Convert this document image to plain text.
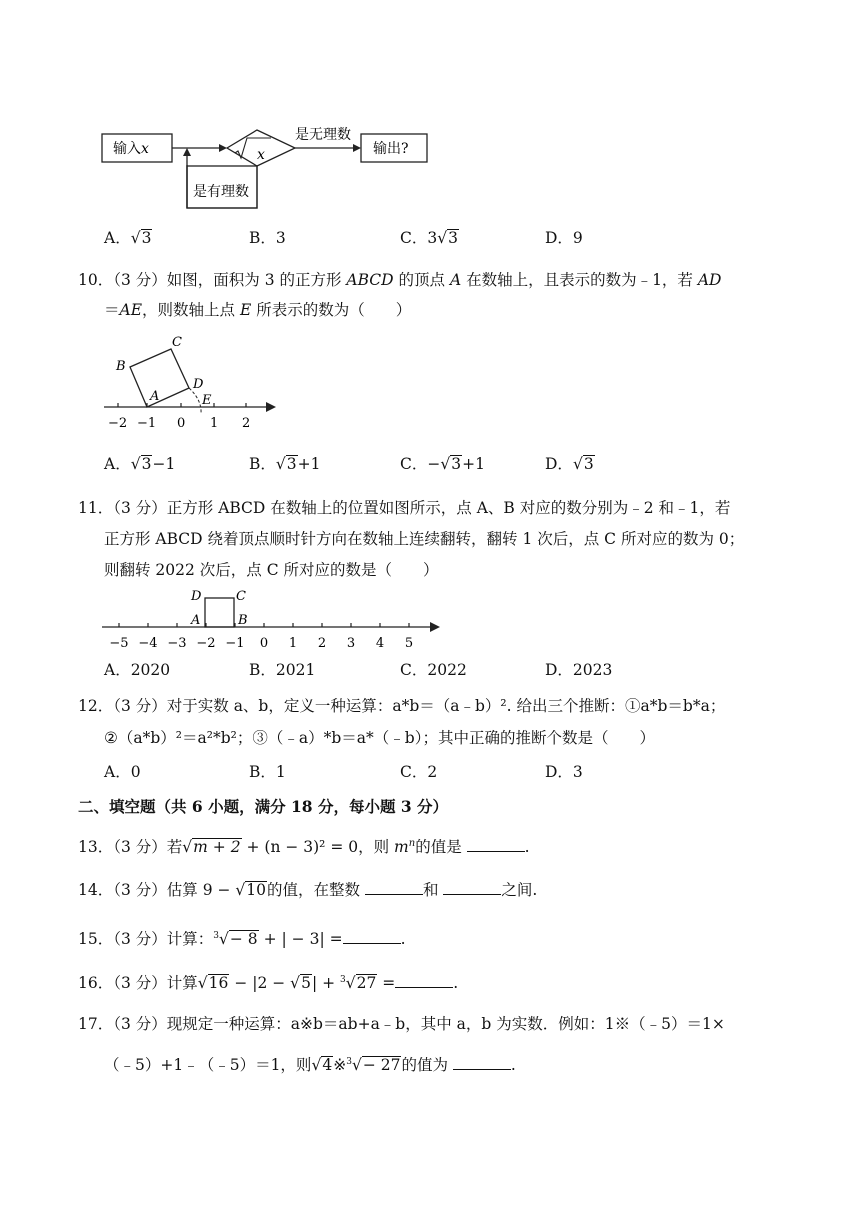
输入x	x
是无理数
输出?
是有理数
A．√3	B．3	C．3√3	D．9
10．（3 分）如图，面积为 3 的正方形 ABCD 的顶点 A 在数轴上，且表示的数为﹣1，若 AD
＝AE，则数轴上点 E 所表示的数为（　　）
B
C
D
A	E
−2 −1 0 1 2
A．√3−1	B．√3+1	C．−√3+1	D．√3
11．（3 分）正方形 ABCD 在数轴上的位置如图所示，点 A、B 对应的数分别为﹣2 和﹣1，若
正方形 ABCD 绕着顶点顺时针方向在数轴上连续翻转，翻转 1 次后，点 C 所对应的数为 0；
则翻转 2022 次后，点 C 所对应的数是（　　）
D	C
A	B
−5 −4 −3 −2 −1 0 1 2 3 4 5
A．2020	B．2021	C．2022	D．2023
12．（3 分）对于实数 a、b，定义一种运算：a*b＝（a﹣b）². 给出三个推断：①a*b＝b*a；
②（a*b）²＝a²*b²；③（﹣a）*b＝a*（﹣b）；其中正确的推断个数是（　　）
A．0	B．1	C．2	D．3
二、填空题（共 6 小题，满分 18 分，每小题 3 分）
13．（3 分）若√m + 2 + (n − 3)² = 0，则 $m^n$的值是	.
14．（3 分）估算 9 − √10的值，在整数	和	之间.
15．（3 分）计算：$^3$√− 8 + | − 3| =	.
16．（3 分）计算√16 − |2 − √5| + $^3$√27 =	.
17．（3 分）现规定一种运算：a※b＝ab+a﹣b，其中 a，b 为实数．例如：1※（﹣5）＝1×
（﹣5）+1﹣（﹣5）＝1，则√4※$^3$√− 27的值为	.
